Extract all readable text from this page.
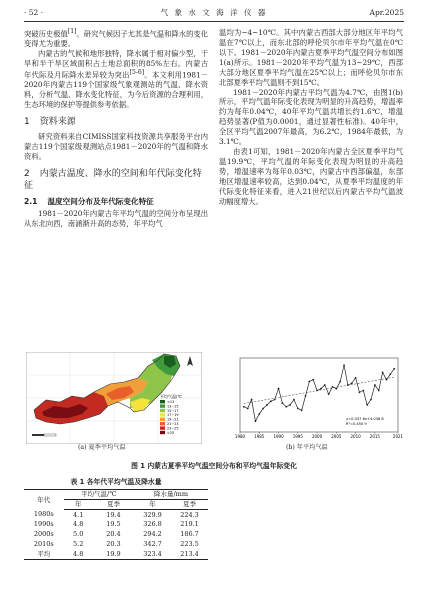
· 52 ·	气 象 水 文 海 洋 仪 器	Apr.2025

突破历史极值[1]。研究气候因子尤其是气温和降水的变化变得尤为重要。

内蒙古的气候和地形独特，降水属于相对偏少型，干旱和半干旱区域面积占土地总面积的85%左右。内蒙古年代际及月际降水差异较为突出[5-6]。本文利用1981－2020年内蒙古119个国家级气象观测站的气温、降水资料，分析气温、降水变化特征，为今后资源的合理利用，生态环境的保护等提供参考依据。

1 资料来源

研究资料来自CIMISS国家科技资源共享服务平台内蒙古119个国家级观测站点1981－2020年的气温和降水资料。

2 内蒙古温度、降水的空间和年代际变化特征
2.1 温度空间分布及年代际变化特征

1981－2020年内蒙古年平均气温的空间分布呈现出从东北向西，南涵渐升高的态势，年平均气

温均为−4~10℃。其中内蒙古西部大部分地区年平均气温在7℃以上，而东北部的呼伦贝尔市年平均气温在0℃以下。1981－2020年内蒙古夏季平均气温空间分布如图1(a)所示。1981－2020年平均气温为13~29℃，西部大部分地区夏季平均气温在25℃以上；而呼伦贝尔市东北部夏季平均气温则不到15℃。

1981－2020年内蒙古平均气温为4.7℃，由图1(b)所示，平均气温年际变化表现为明显的升高趋势，增温率约为每年0.04℃，40年平均气温共增长约1.6℃，增温趋势显著(P值为0.0001，通过显著性标准)。40年中，全区平均气温2007年最高，为6.2℃，1984年最低，为3.1℃。

由表1可知，1981－2020年内蒙古全区夏季平均气温19.9℃，平均气温的年际变化表现为明显的升高趋势，增温速率为每年0.03℃，内蒙古中西部偏温，东部地区增温速率较高，达到0.04℃，从夏季平均温度的年代际变化特征来看，进入21世纪以后内蒙古平均气温波动幅度增大。

平均气温/℃
<13
13~15
15~17
17~19
19~21
21~23
23~25
>25
1980 1985 1990 1995 2000 2005 2010 2015	2021
y=0.037 6x+4.036 8
R²=0.450 9
(a) 夏季平均气温	(b) 年平均气温
图 1 内蒙古夏季平均气温空间分布和平均气温年际变化
表 1 各年代平均气温及降水量
年代	平均气温/℃		降水量/mm	
	年	夏季	年	夏季
1980s	4.1	19.4	329.9	224.3
1990s	4.8	19.5	326.8	219.1
2000s	5.0	20.4	294.2	186.7
2010s	5.2	20.3	342.7	223.5
平均	4.8	19.9	323.4	213.4
